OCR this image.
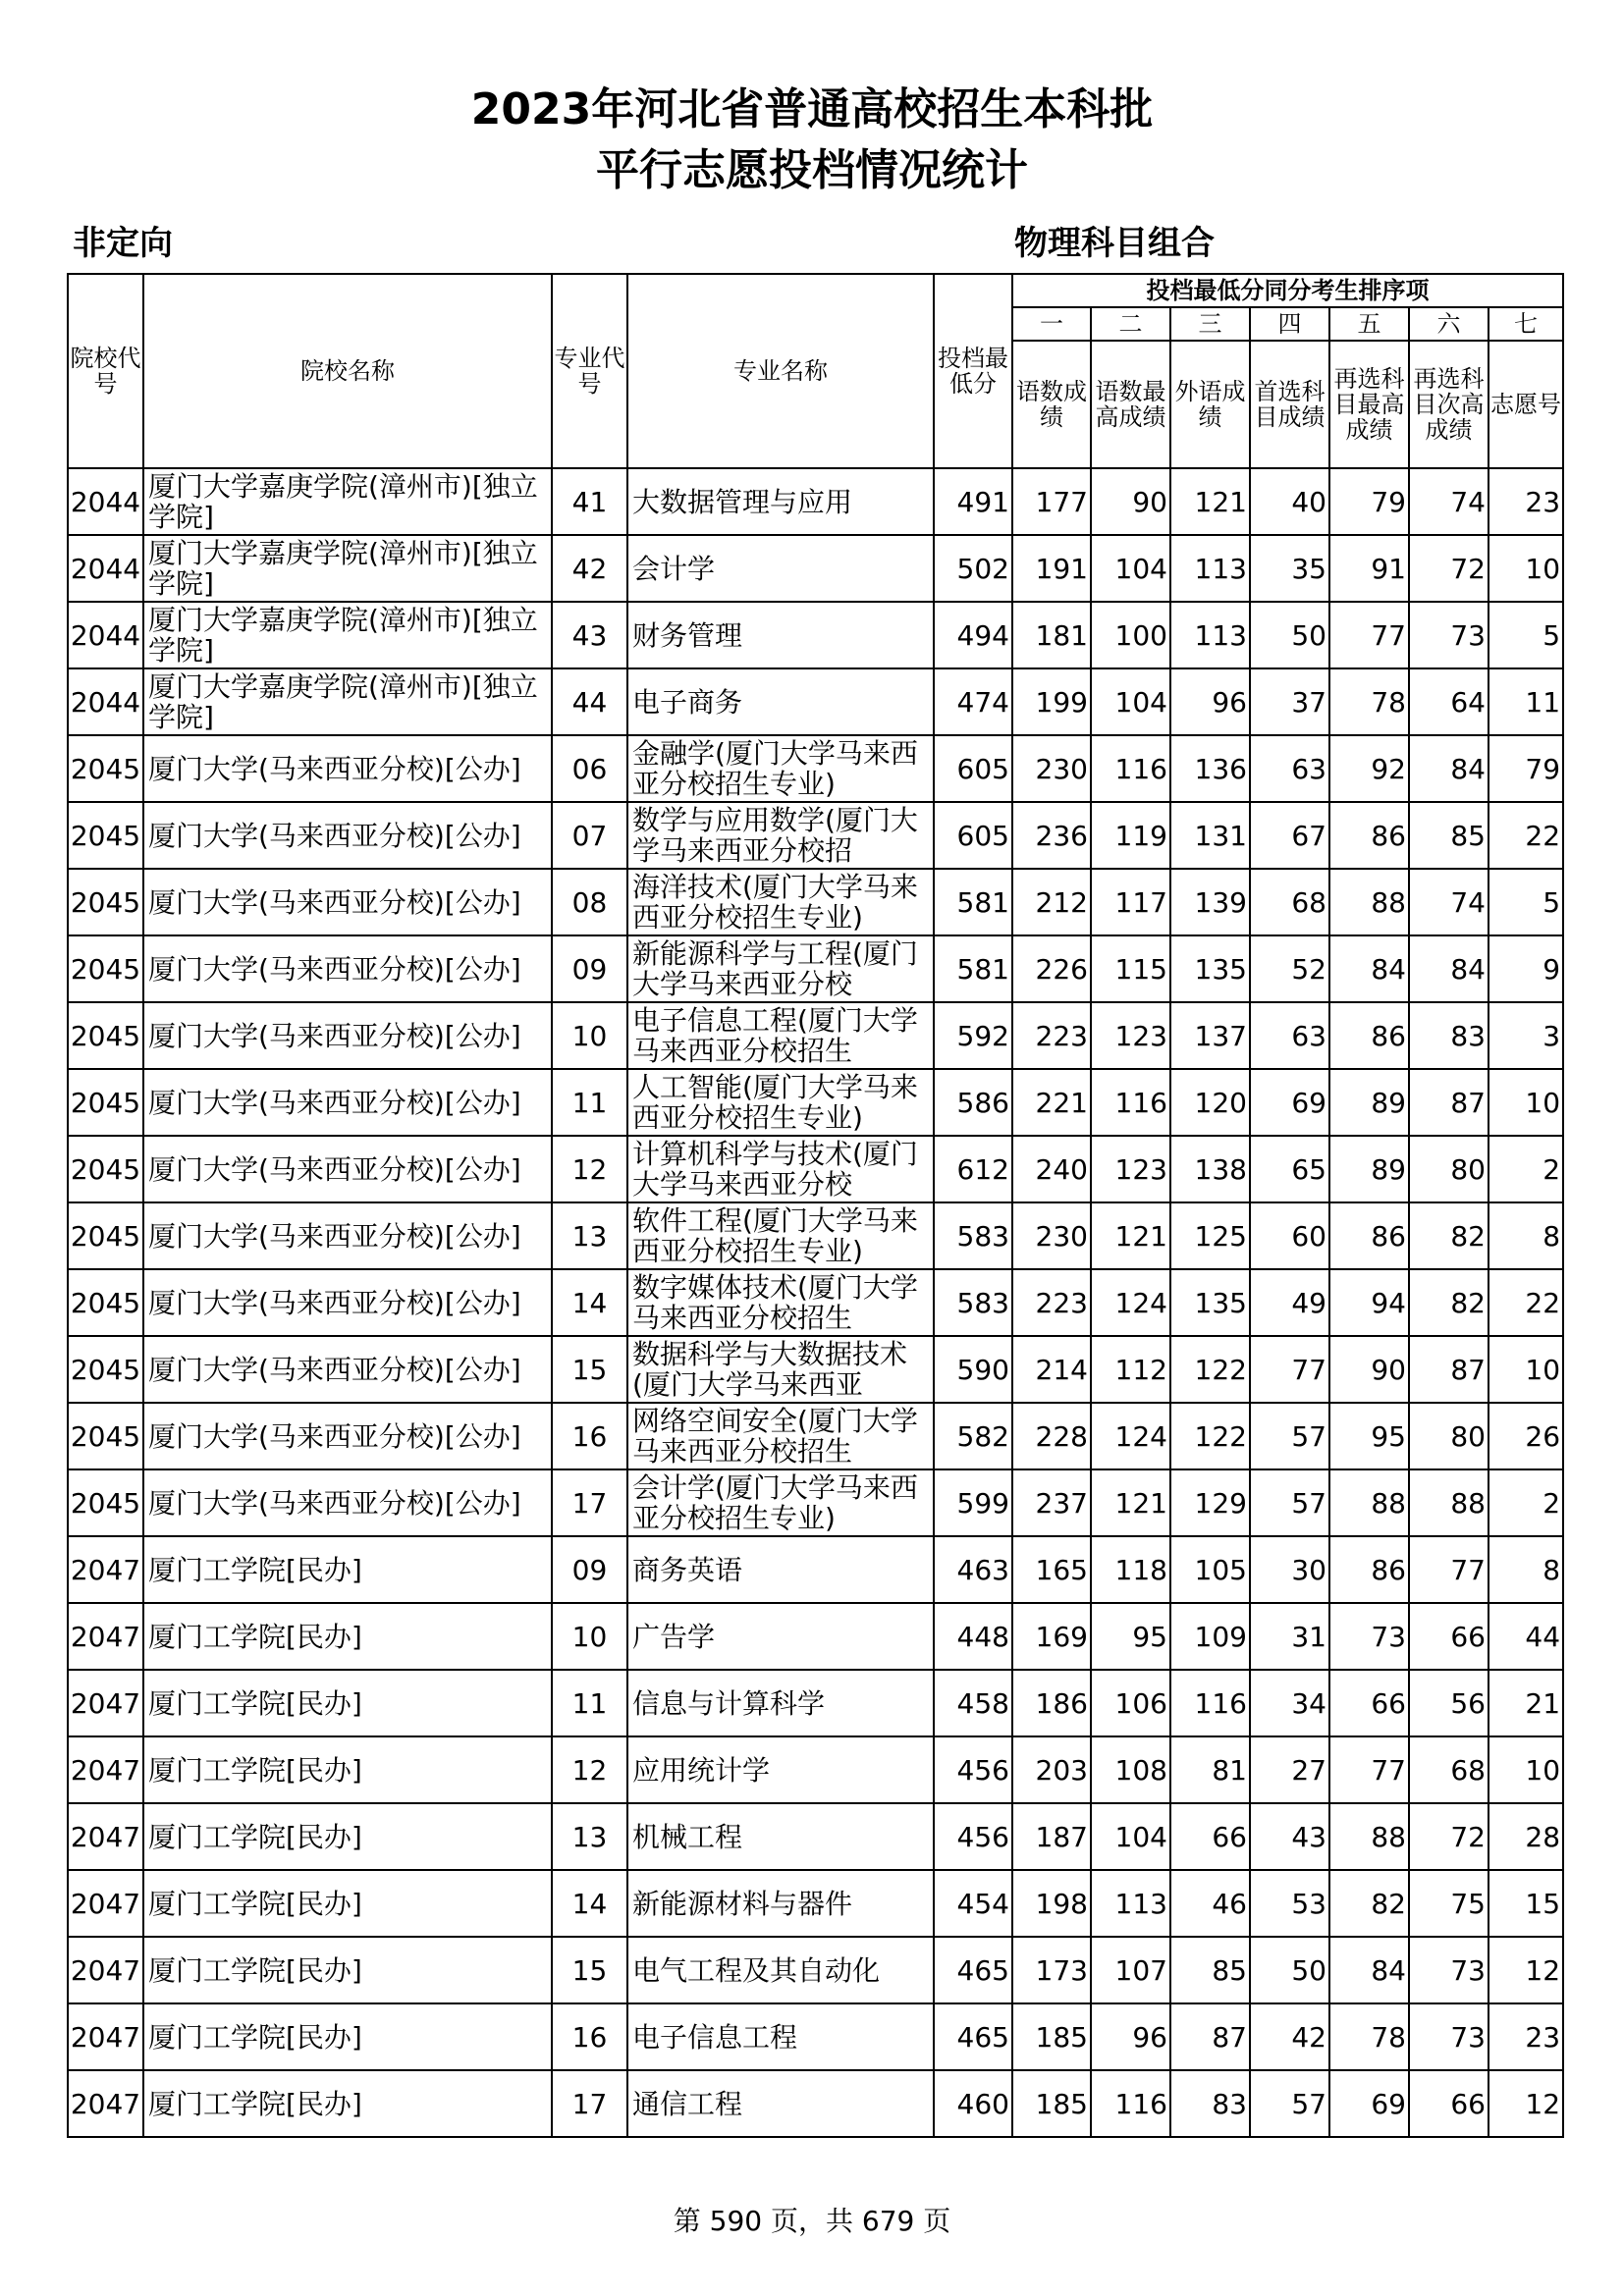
2023年河北省普通高校招生本科批
平行志愿投档情况统计
非定向	物理科目组合
院校代号	院校名称	专业代号	专业名称	投档最低分	投档最低分同分考生排序项						
					一	二	三	四	五	六	七
					语数成绩	语数最高成绩	外语成绩	首选科目成绩	再选科目最高成绩	再选科目次高成绩	志愿号
2044	厦门大学嘉庚学院(漳州市)[独立学院]	41	大数据管理与应用	491	177	90	121	40	79	74	23
2044	厦门大学嘉庚学院(漳州市)[独立学院]	42	会计学	502	191	104	113	35	91	72	10
2044	厦门大学嘉庚学院(漳州市)[独立学院]	43	财务管理	494	181	100	113	50	77	73	5
2044	厦门大学嘉庚学院(漳州市)[独立学院]	44	电子商务	474	199	104	96	37	78	64	11
2045	厦门大学(马来西亚分校)[公办]	06	金融学(厦门大学马来西亚分校招生专业)	605	230	116	136	63	92	84	79
2045	厦门大学(马来西亚分校)[公办]	07	数学与应用数学(厦门大学马来西亚分校招	605	236	119	131	67	86	85	22
2045	厦门大学(马来西亚分校)[公办]	08	海洋技术(厦门大学马来西亚分校招生专业)	581	212	117	139	68	88	74	5
2045	厦门大学(马来西亚分校)[公办]	09	新能源科学与工程(厦门大学马来西亚分校	581	226	115	135	52	84	84	9
2045	厦门大学(马来西亚分校)[公办]	10	电子信息工程(厦门大学马来西亚分校招生	592	223	123	137	63	86	83	3
2045	厦门大学(马来西亚分校)[公办]	11	人工智能(厦门大学马来西亚分校招生专业)	586	221	116	120	69	89	87	10
2045	厦门大学(马来西亚分校)[公办]	12	计算机科学与技术(厦门大学马来西亚分校	612	240	123	138	65	89	80	2
2045	厦门大学(马来西亚分校)[公办]	13	软件工程(厦门大学马来西亚分校招生专业)	583	230	121	125	60	86	82	8
2045	厦门大学(马来西亚分校)[公办]	14	数字媒体技术(厦门大学马来西亚分校招生	583	223	124	135	49	94	82	22
2045	厦门大学(马来西亚分校)[公办]	15	数据科学与大数据技术(厦门大学马来西亚	590	214	112	122	77	90	87	10
2045	厦门大学(马来西亚分校)[公办]	16	网络空间安全(厦门大学马来西亚分校招生	582	228	124	122	57	95	80	26
2045	厦门大学(马来西亚分校)[公办]	17	会计学(厦门大学马来西亚分校招生专业)	599	237	121	129	57	88	88	2
2047	厦门工学院[民办]	09	商务英语	463	165	118	105	30	86	77	8
2047	厦门工学院[民办]	10	广告学	448	169	95	109	31	73	66	44
2047	厦门工学院[民办]	11	信息与计算科学	458	186	106	116	34	66	56	21
2047	厦门工学院[民办]	12	应用统计学	456	203	108	81	27	77	68	10
2047	厦门工学院[民办]	13	机械工程	456	187	104	66	43	88	72	28
2047	厦门工学院[民办]	14	新能源材料与器件	454	198	113	46	53	82	75	15
2047	厦门工学院[民办]	15	电气工程及其自动化	465	173	107	85	50	84	73	12
2047	厦门工学院[民办]	16	电子信息工程	465	185	96	87	42	78	73	23
2047	厦门工学院[民办]	17	通信工程	460	185	116	83	57	69	66	12
第 590 页，共 679 页
